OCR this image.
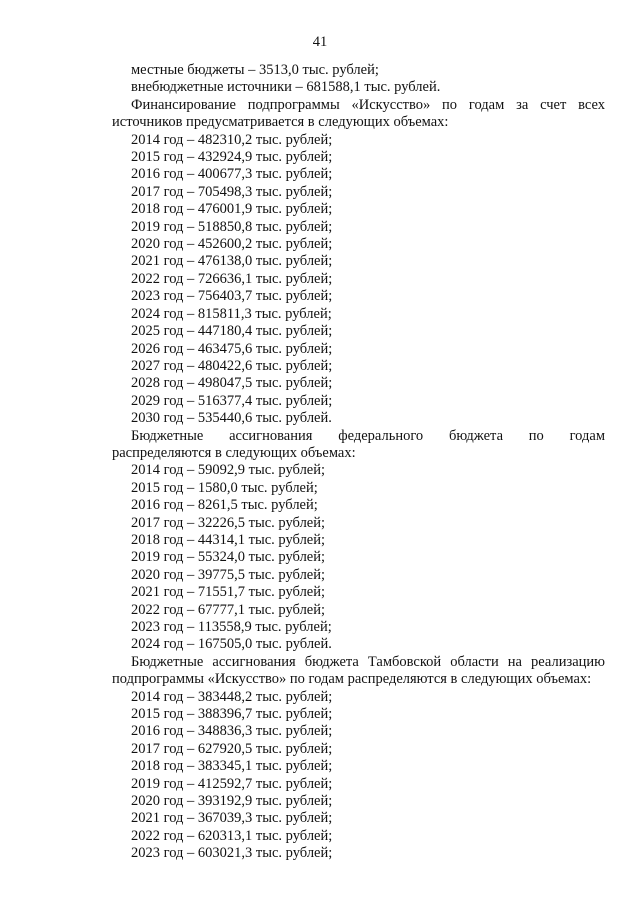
41
местные бюджеты – 3513,0 тыс. рублей;
внебюджетные источники – 681588,1 тыс. рублей.
Финансирование подпрограммы «Искусство» по годам за счет всех
источников предусматривается в следующих объемах:
2014 год – 482310,2 тыс. рублей;
2015 год – 432924,9 тыс. рублей;
2016 год – 400677,3 тыс. рублей;
2017 год – 705498,3 тыс. рублей;
2018 год – 476001,9 тыс. рублей;
2019 год – 518850,8 тыс. рублей;
2020 год – 452600,2 тыс. рублей;
2021 год – 476138,0 тыс. рублей;
2022 год – 726636,1 тыс. рублей;
2023 год – 756403,7 тыс. рублей;
2024 год – 815811,3 тыс. рублей;
2025 год – 447180,4 тыс. рублей;
2026 год – 463475,6 тыс. рублей;
2027 год – 480422,6 тыс. рублей;
2028 год – 498047,5 тыс. рублей;
2029 год – 516377,4 тыс. рублей;
2030 год – 535440,6 тыс. рублей.
Бюджетные ассигнования федерального бюджета по годам
распределяются в следующих объемах:
2014 год – 59092,9 тыс. рублей;
2015 год – 1580,0 тыс. рублей;
2016 год – 8261,5 тыс. рублей;
2017 год – 32226,5 тыс. рублей;
2018 год – 44314,1 тыс. рублей;
2019 год – 55324,0 тыс. рублей;
2020 год – 39775,5 тыс. рублей;
2021 год – 71551,7 тыс. рублей;
2022 год – 67777,1 тыс. рублей;
2023 год – 113558,9 тыс. рублей;
2024 год – 167505,0 тыс. рублей.
Бюджетные ассигнования бюджета Тамбовской области на реализацию
подпрограммы «Искусство» по годам распределяются в следующих объемах:
2014 год – 383448,2 тыс. рублей;
2015 год – 388396,7 тыс. рублей;
2016 год – 348836,3 тыс. рублей;
2017 год – 627920,5 тыс. рублей;
2018 год – 383345,1 тыс. рублей;
2019 год – 412592,7 тыс. рублей;
2020 год – 393192,9 тыс. рублей;
2021 год – 367039,3 тыс. рублей;
2022 год – 620313,1 тыс. рублей;
2023 год – 603021,3 тыс. рублей;
